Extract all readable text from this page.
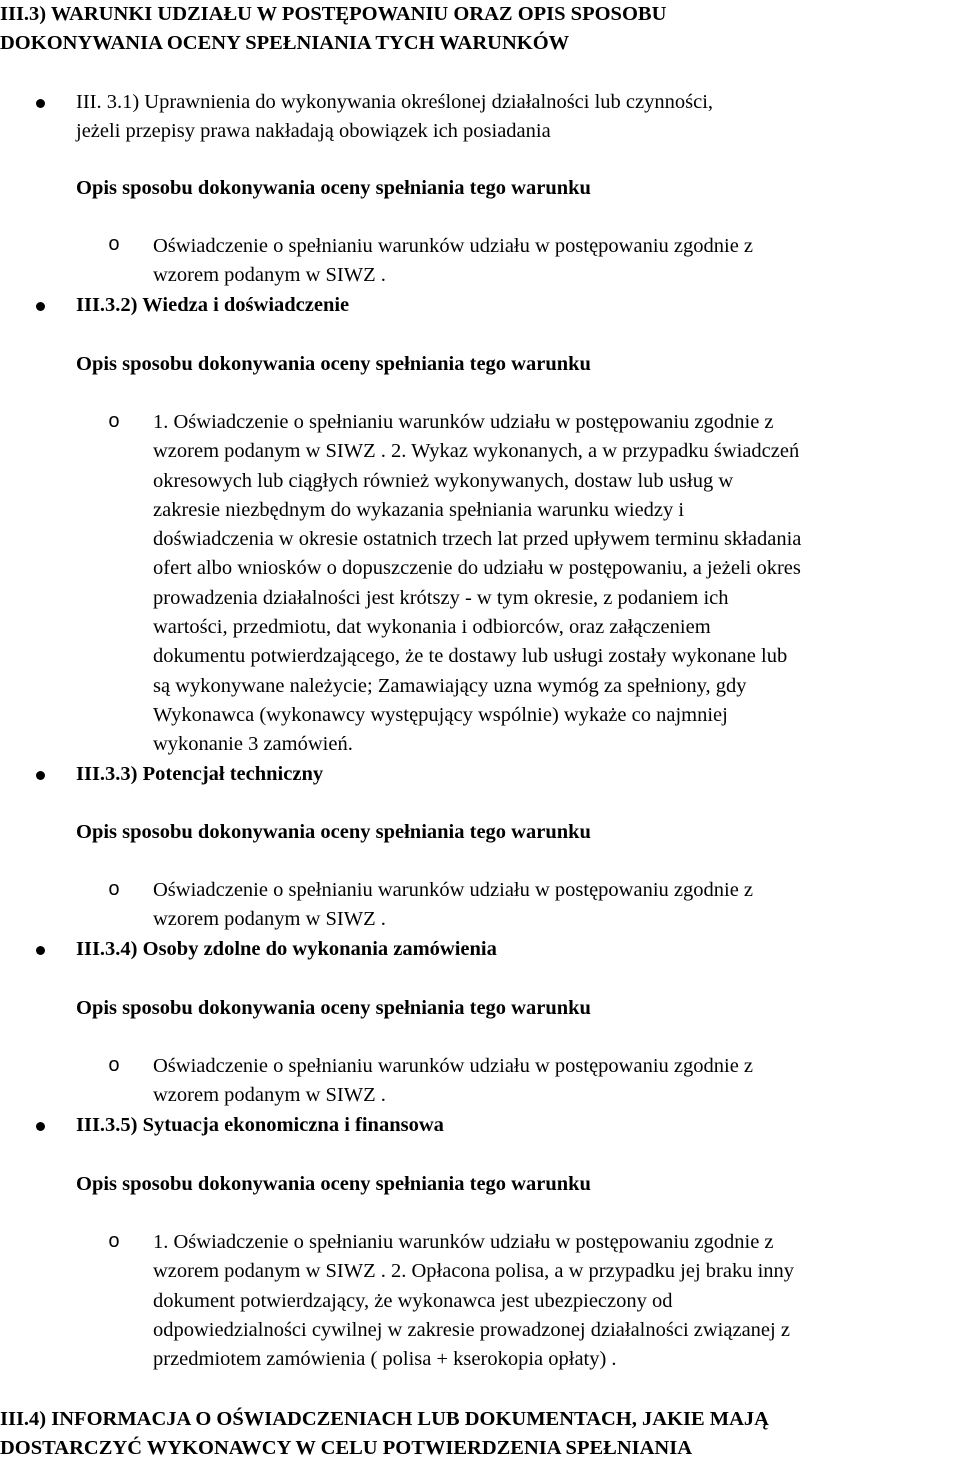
III.3) WARUNKI UDZIAŁU W POSTĘPOWANIU ORAZ OPIS SPOSOBU
DOKONYWANIA OCENY SPEŁNIANIA TYCH WARUNKÓW
III. 3.1) Uprawnienia do wykonywania określonej działalności lub czynności,
jeżeli przepisy prawa nakładają obowiązek ich posiadania
Opis sposobu dokonywania oceny spełniania tego warunku
o Oświadczenie o spełnianiu warunków udziału w postępowaniu zgodnie z
wzorem podanym w SIWZ .
III.3.2) Wiedza i doświadczenie
Opis sposobu dokonywania oceny spełniania tego warunku
o 1. Oświadczenie o spełnianiu warunków udziału w postępowaniu zgodnie z
wzorem podanym w SIWZ . 2. Wykaz wykonanych, a w przypadku świadczeń
okresowych lub ciągłych również wykonywanych, dostaw lub usług w
zakresie niezbędnym do wykazania spełniania warunku wiedzy i
doświadczenia w okresie ostatnich trzech lat przed upływem terminu składania
ofert albo wniosków o dopuszczenie do udziału w postępowaniu, a jeżeli okres
prowadzenia działalności jest krótszy - w tym okresie, z podaniem ich
wartości, przedmiotu, dat wykonania i odbiorców, oraz załączeniem
dokumentu potwierdzającego, że te dostawy lub usługi zostały wykonane lub
są wykonywane należycie; Zamawiający uzna wymóg za spełniony, gdy
Wykonawca (wykonawcy występujący wspólnie) wykaże co najmniej
wykonanie 3 zamówień.
III.3.3) Potencjał techniczny
Opis sposobu dokonywania oceny spełniania tego warunku
o Oświadczenie o spełnianiu warunków udziału w postępowaniu zgodnie z
wzorem podanym w SIWZ .
III.3.4) Osoby zdolne do wykonania zamówienia
Opis sposobu dokonywania oceny spełniania tego warunku
o Oświadczenie o spełnianiu warunków udziału w postępowaniu zgodnie z
wzorem podanym w SIWZ .
III.3.5) Sytuacja ekonomiczna i finansowa
Opis sposobu dokonywania oceny spełniania tego warunku
o 1. Oświadczenie o spełnianiu warunków udziału w postępowaniu zgodnie z
wzorem podanym w SIWZ . 2. Opłacona polisa, a w przypadku jej braku inny
dokument potwierdzający, że wykonawca jest ubezpieczony od
odpowiedzialności cywilnej w zakresie prowadzonej działalności związanej z
przedmiotem zamówienia ( polisa + kserokopia opłaty) .
III.4) INFORMACJA O OŚWIADCZENIACH LUB DOKUMENTACH, JAKIE MAJĄ
DOSTARCZYĆ WYKONAWCY W CELU POTWIERDZENIA SPEŁNIANIA
